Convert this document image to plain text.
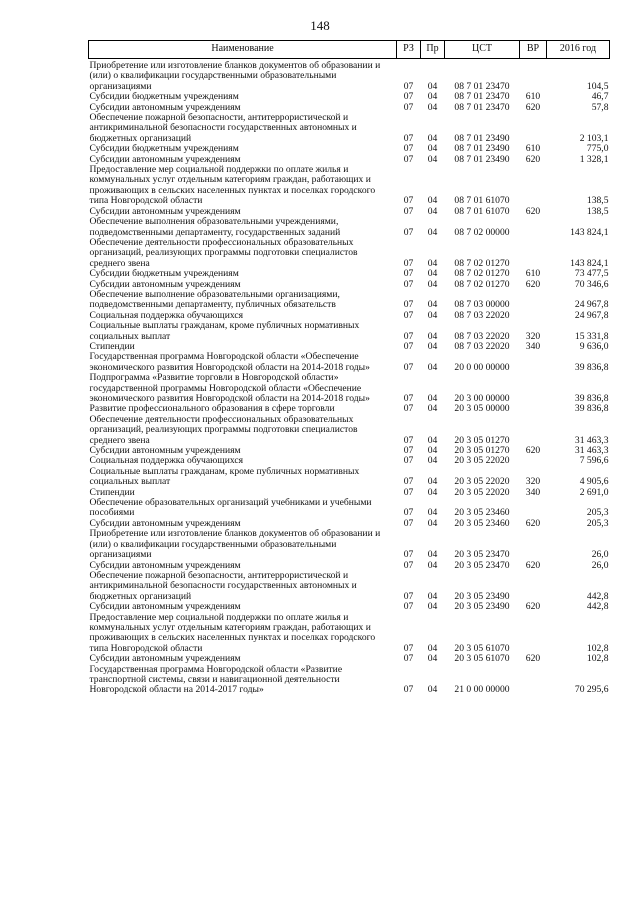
148
Наименование	РЗ	Пр	ЦСТ	ВР	2016 год
Приобретение или изготовление бланков документов об образовании и (или) о квалификации государственными образовательными организациями	07	04	08 7 01 23470		104,5
Субсидии бюджетным учреждениям	07	04	08 7 01 23470	610	46,7
Субсидии автономным учреждениям	07	04	08 7 01 23470	620	57,8
Обеспечение пожарной безопасности, антитеррористической и антикриминальной безопасности государственных автономных и бюджетных организаций	07	04	08 7 01 23490		2 103,1
Субсидии бюджетным учреждениям	07	04	08 7 01 23490	610	775,0
Субсидии автономным учреждениям	07	04	08 7 01 23490	620	1 328,1
Предоставление мер социальной поддержки по оплате жилья и коммунальных услуг отдельным категориям граждан, работающих и проживающих в сельских населенных пунктах и поселках городского типа Новгородской области	07	04	08 7 01 61070		138,5
Субсидии автономным учреждениям	07	04	08 7 01 61070	620	138,5
Обеспечение выполнения образовательными учреждениями, подведомственными департаменту, государственных заданий	07	04	08 7 02 00000		143 824,1
Обеспечение деятельности профессиональных образовательных организаций, реализующих программы подготовки специалистов среднего звена	07	04	08 7 02 01270		143 824,1
Субсидии бюджетным учреждениям	07	04	08 7 02 01270	610	73 477,5
Субсидии автономным учреждениям	07	04	08 7 02 01270	620	70 346,6
Обеспечение выполнение образовательными организациями, подведомственными департаменту, публичных обязательств	07	04	08 7 03 00000		24 967,8
Социальная поддержка обучающихся	07	04	08 7 03 22020		24 967,8
Социальные выплаты гражданам, кроме публичных нормативных социальных выплат	07	04	08 7 03 22020	320	15 331,8
Стипендии	07	04	08 7 03 22020	340	9 636,0
Государственная программа Новгородской области «Обеспечение экономического развития Новгородской области на 2014-2018 годы»	07	04	20 0 00 00000		39 836,8
Подпрограмма «Развитие торговли в Новгородской области» государственной программы Новгородской области «Обеспечение экономического развития Новгородской области на 2014-2018 годы»	07	04	20 3 00 00000		39 836,8
Развитие профессионального образования в сфере торговли	07	04	20 3 05 00000		39 836,8
Обеспечение деятельности профессиональных образовательных организаций, реализующих программы подготовки специалистов среднего звена	07	04	20 3 05 01270		31 463,3
Субсидии автономным учреждениям	07	04	20 3 05 01270	620	31 463,3
Социальная поддержка обучающихся	07	04	20 3 05 22020		7 596,6
Социальные выплаты гражданам, кроме публичных нормативных социальных выплат	07	04	20 3 05 22020	320	4 905,6
Стипендии	07	04	20 3 05 22020	340	2 691,0
Обеспечение образовательных организаций учебниками и учебными пособиями	07	04	20 3 05 23460		205,3
Субсидии автономным учреждениям	07	04	20 3 05 23460	620	205,3
Приобретение или изготовление бланков документов об образовании и (или) о квалификации государственными образовательными организациями	07	04	20 3 05 23470		26,0
Субсидии автономным учреждениям	07	04	20 3 05 23470	620	26,0
Обеспечение пожарной безопасности, антитеррористической и антикриминальной безопасности государственных автономных и бюджетных организаций	07	04	20 3 05 23490		442,8
Субсидии автономным учреждениям	07	04	20 3 05 23490	620	442,8
Предоставление мер социальной поддержки по оплате жилья и коммунальных услуг отдельным категориям граждан, работающих и проживающих в сельских населенных пунктах и поселках городского типа Новгородской области	07	04	20 3 05 61070		102,8
Субсидии автономным учреждениям	07	04	20 3 05 61070	620	102,8
Государственная программа Новгородской области «Развитие транспортной системы, связи и навигационной деятельности Новгородской области на 2014-2017 годы»	07	04	21 0 00 00000		70 295,6
